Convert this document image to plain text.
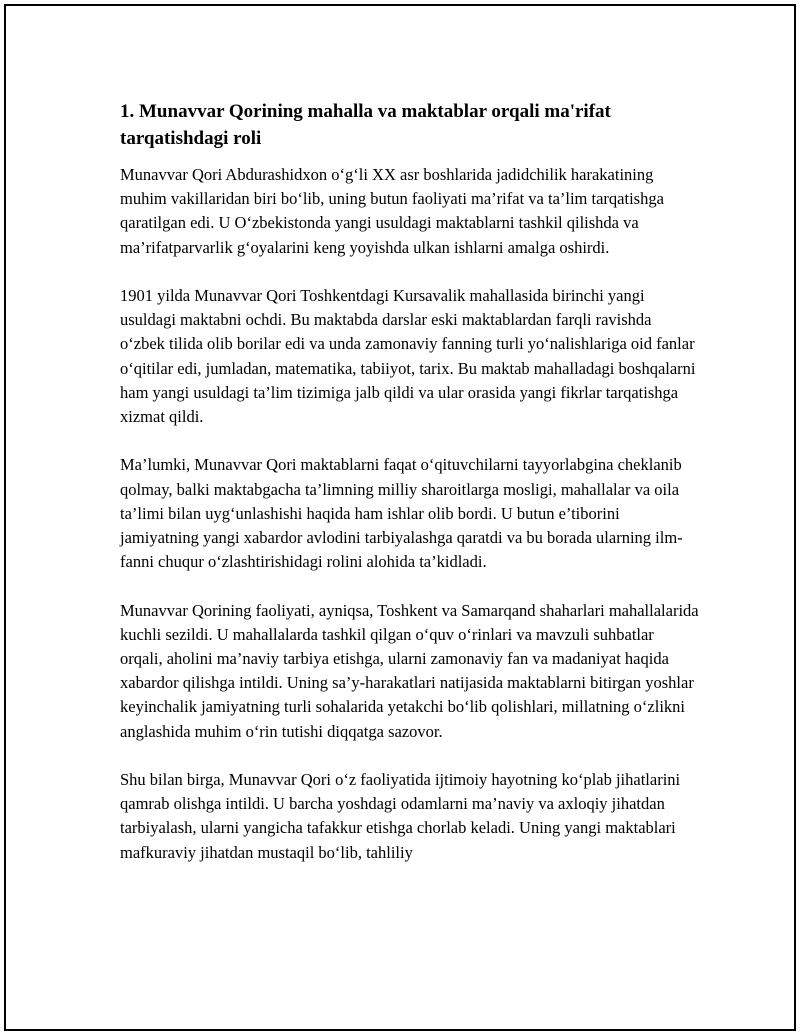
1. Munavvar Qorining mahalla va maktablar orqali ma'rifat tarqatishdagi roli

Munavvar Qori Abdurashidxon o‘g‘li XX asr boshlarida jadidchilik harakatining muhim vakillaridan biri bo‘lib, uning butun faoliyati ma’rifat va ta’lim tarqatishga qaratilgan edi. U O‘zbekistonda yangi usuldagi maktablarni tashkil qilishda va ma’rifatparvarlik g‘oyalarini keng yoyishda ulkan ishlarni amalga oshirdi.

1901 yilda Munavvar Qori Toshkentdagi Kursavalik mahallasida birinchi yangi usuldagi maktabni ochdi. Bu maktabda darslar eski maktablardan farqli ravishda o‘zbek tilida olib borilar edi va unda zamonaviy fanning turli yo‘nalishlariga oid fanlar o‘qitilar edi, jumladan, matematika, tabiiyot, tarix. Bu maktab mahalladagi boshqalarni ham yangi usuldagi ta’lim tizimiga jalb qildi va ular orasida yangi fikrlar tarqatishga xizmat qildi.

Ma’lumki, Munavvar Qori maktablarni faqat o‘qituvchilarni tayyorlabgina cheklanib qolmay, balki maktabgacha ta’limning milliy sharoitlarga mosligi, mahallalar va oila ta’limi bilan uyg‘unlashishi haqida ham ishlar olib bordi. U butun e’tiborini jamiyatning yangi xabardor avlodini tarbiyalashga qaratdi va bu borada ularning ilm-fanni chuqur o‘zlashtirishidagi rolini alohida ta’kidladi.

Munavvar Qorining faoliyati, ayniqsa, Toshkent va Samarqand shaharlari mahallalarida kuchli sezildi. U mahallalarda tashkil qilgan o‘quv o‘rinlari va mavzuli suhbatlar orqali, aholini ma’naviy tarbiya etishga, ularni zamonaviy fan va madaniyat haqida xabardor qilishga intildi. Uning sa’y-harakatlari natijasida maktablarni bitirgan yoshlar keyinchalik jamiyatning turli sohalarida yetakchi bo‘lib qolishlari, millatning o‘zlikni anglashida muhim o‘rin tutishi diqqatga sazovor.

Shu bilan birga, Munavvar Qori o‘z faoliyatida ijtimoiy hayotning ko‘plab jihatlarini qamrab olishga intildi. U barcha yoshdagi odamlarni ma’naviy va axloqiy jihatdan tarbiyalash, ularni yangicha tafakkur etishga chorlab keladi. Uning yangi maktablari mafkuraviy jihatdan mustaqil bo‘lib, tahliliy
